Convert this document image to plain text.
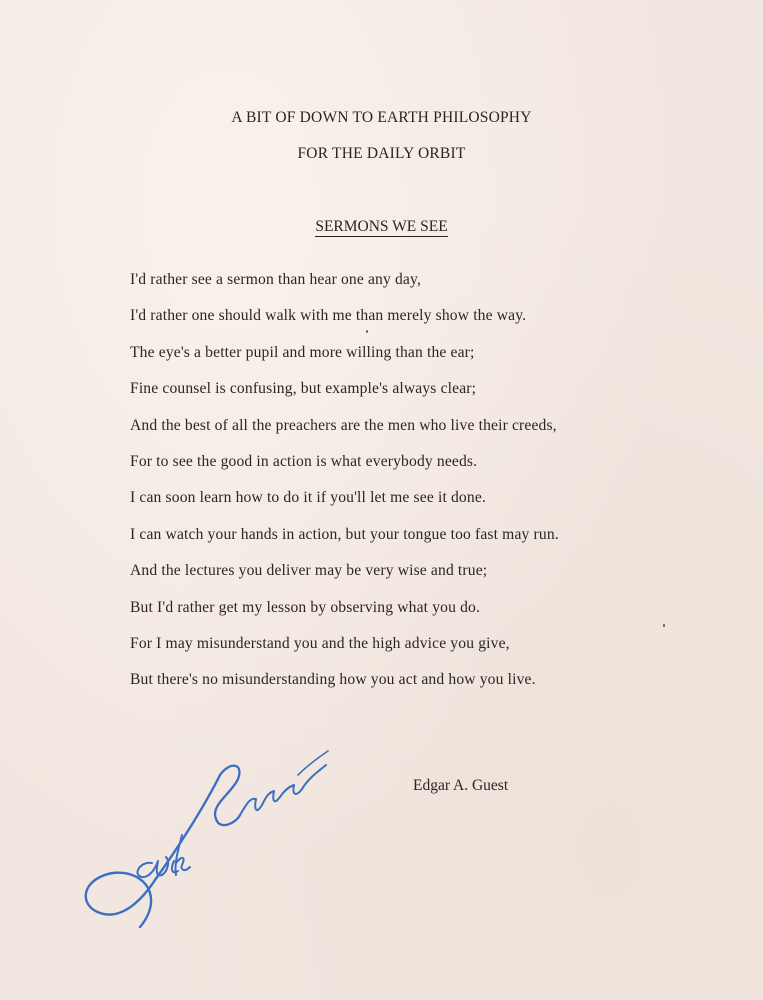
A BIT OF DOWN TO EARTH PHILOSOPHY
FOR THE DAILY ORBIT
SERMONS WE SEE
I'd rather see a sermon than hear one any day,
I'd rather one should walk with me than merely show the way.
The eye's a better pupil and more willing than the ear;
Fine counsel is confusing, but example's always clear;
And the best of all the preachers are the men who live their creeds,
For to see the good in action is what everybody needs.
I can soon learn how to do it if you'll let me see it done.
I can watch your hands in action, but your tongue too fast may run.
And the lectures you deliver may be very wise and true;
But I'd rather get my lesson by observing what you do.
For I may misunderstand you and the high advice you give,
But there's no misunderstanding how you act and how you live.
Edgar A. Guest
